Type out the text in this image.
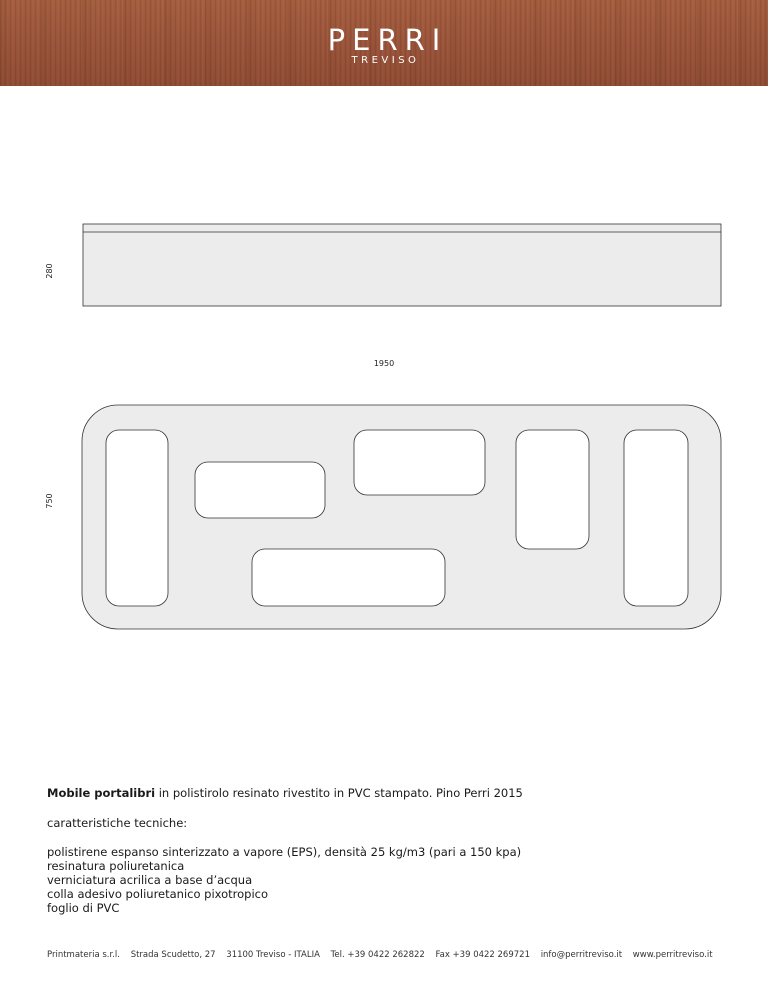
PERRI
TREVISO
280
1950
750
Mobile portalibri in polistirolo resinato rivestito in PVC stampato. Pino Perri 2015
caratteristiche tecniche:
polistirene espanso sinterizzato a vapore (EPS), densità 25 kg/m3 (pari a 150 kpa)
resinatura poliuretanica
verniciatura acrilica a base d’acqua
colla adesivo poliuretanico pixotropico
foglio di PVC
Printmateria s.r.l. Strada Scudetto, 27 31100 Treviso - ITALIA Tel. +39 0422 262822 Fax +39 0422 269721 info@perritreviso.it www.perritreviso.it
